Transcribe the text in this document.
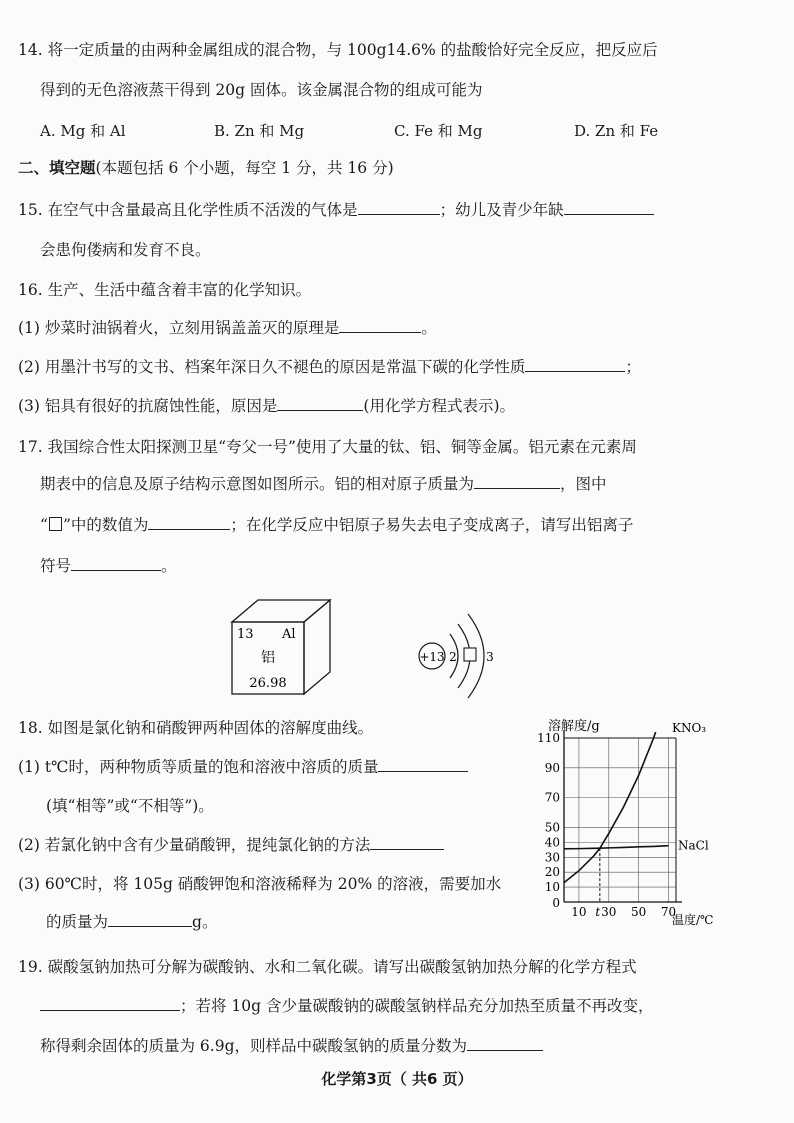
14. 将一定质量的由两种金属组成的混合物，与 100g14.6% 的盐酸恰好完全反应，把反应后
得到的无色溶液蒸干得到 20g 固体。该金属混合物的组成可能为
A. Mg 和 Al	B. Zn 和 Mg	C. Fe 和 Mg	D. Zn 和 Fe
二、填空题(本题包括 6 个小题，每空 1 分，共 16 分)
15. 在空气中含量最高且化学性质不活泼的气体是	；幼儿及青少年缺
会患佝偻病和发育不良。
16. 生产、生活中蕴含着丰富的化学知识。
(1) 炒菜时油锅着火，立刻用锅盖盖灭的原理是	。
(2) 用墨汁书写的文书、档案年深日久不褪色的原因是常温下碳的化学性质	；
(3) 铝具有很好的抗腐蚀性能，原因是	(用化学方程式表示)。
17. 我国综合性太阳探测卫星“夸父一号”使用了大量的钛、铝、铜等金属。铝元素在元素周
期表中的信息及原子结构示意图如图所示。铝的相对原子质量为	，图中
“ ”中的数值为	；在化学反应中铝原子易失去电子变成离子，请写出铝离子
符号	。
13 Al
铝
26.98
+13 2 3
18. 如图是氯化钠和硝酸钾两种固体的溶解度曲线。
(1) t℃时，两种物质等质量的饱和溶液中溶质的质量
(填“相等”或“不相等”)。
(2) 若氯化钠中含有少量硝酸钾，提纯氯化钠的方法
(3) 60℃时，将 105g 硝酸钾饱和溶液稀释为 20% 的溶液，需要加水
的质量为	g。
10
20
30
40
50
70
90
110
10 t 30 50 70
KNO₃
NaCl
溶解度/g
温度/℃
0
19. 碳酸氢钠加热可分解为碳酸钠、水和二氧化碳。请写出碳酸氢钠加热分解的化学方程式
；若将 10g 含少量碳酸钠的碳酸氢钠样品充分加热至质量不再改变，
称得剩余固体的质量为 6.9g，则样品中碳酸氢钠的质量分数为
化学第3页（ 共6 页）
